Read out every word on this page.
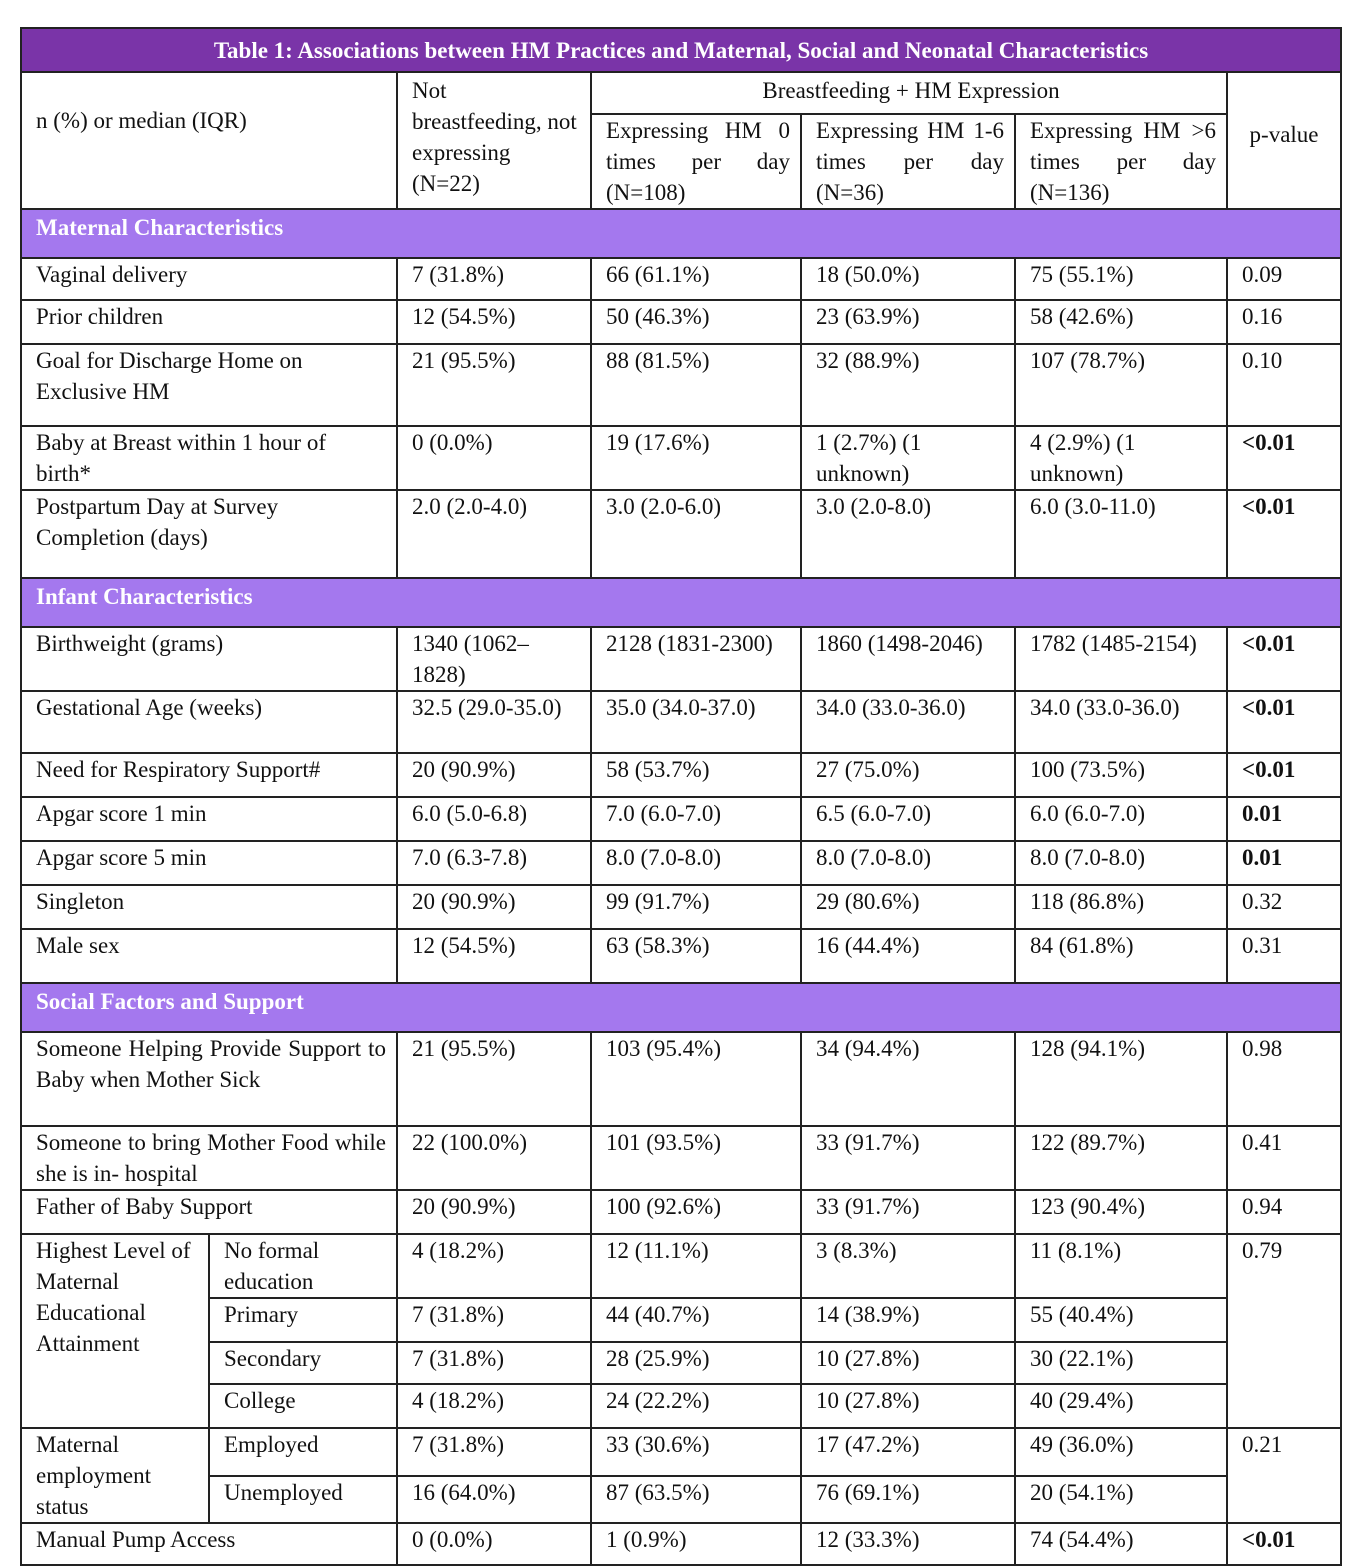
Table 1: Associations between HM Practices and Maternal, Social and Neonatal Characteristics						
n (%) or median (IQR)		Not breastfeeding, not expressing (N=22)	Breastfeeding + HM Expression			p-value
			Expressing HM 0 times per day (N=108)	Expressing HM 1-6 times per day (N=36)	Expressing HM >6 times per day (N=136)	
Maternal Characteristics						
Vaginal delivery		7 (31.8%)	66 (61.1%)	18 (50.0%)	75 (55.1%)	0.09
Prior children		12 (54.5%)	50 (46.3%)	23 (63.9%)	58 (42.6%)	0.16
Goal for Discharge Home on Exclusive HM		21 (95.5%)	88 (81.5%)	32 (88.9%)	107 (78.7%)	0.10
Baby at Breast within 1 hour of birth*		0 (0.0%)	19 (17.6%)	1 (2.7%) (1 unknown)	4 (2.9%) (1 unknown)	<0.01
Postpartum Day at Survey Completion (days)		2.0 (2.0-4.0)	3.0 (2.0-6.0)	3.0 (2.0-8.0)	6.0 (3.0-11.0)	<0.01
Infant Characteristics						
Birthweight (grams)		1340 (1062–1828)	2128 (1831-2300)	1860 (1498-2046)	1782 (1485-2154)	<0.01
Gestational Age (weeks)		32.5 (29.0-35.0)	35.0 (34.0-37.0)	34.0 (33.0-36.0)	34.0 (33.0-36.0)	<0.01
Need for Respiratory Support#		20 (90.9%)	58 (53.7%)	27 (75.0%)	100 (73.5%)	<0.01
Apgar score 1 min		6.0 (5.0-6.8)	7.0 (6.0-7.0)	6.5 (6.0-7.0)	6.0 (6.0-7.0)	0.01
Apgar score 5 min		7.0 (6.3-7.8)	8.0 (7.0-8.0)	8.0 (7.0-8.0)	8.0 (7.0-8.0)	0.01
Singleton		20 (90.9%)	99 (91.7%)	29 (80.6%)	118 (86.8%)	0.32
Male sex		12 (54.5%)	63 (58.3%)	16 (44.4%)	84 (61.8%)	0.31
Social Factors and Support						
Someone Helping Provide Support to Baby when Mother Sick		21 (95.5%)	103 (95.4%)	34 (94.4%)	128 (94.1%)	0.98
Someone to bring Mother Food while she is in- hospital		22 (100.0%)	101 (93.5%)	33 (91.7%)	122 (89.7%)	0.41
Father of Baby Support		20 (90.9%)	100 (92.6%)	33 (91.7%)	123 (90.4%)	0.94
Highest Level of Maternal Educational Attainment	No formal education	4 (18.2%)	12 (11.1%)	3 (8.3%)	11 (8.1%)	0.79
	Primary	7 (31.8%)	44 (40.7%)	14 (38.9%)	55 (40.4%)	
	Secondary	7 (31.8%)	28 (25.9%)	10 (27.8%)	30 (22.1%)	
	College	4 (18.2%)	24 (22.2%)	10 (27.8%)	40 (29.4%)	
Maternal employment status	Employed	7 (31.8%)	33 (30.6%)	17 (47.2%)	49 (36.0%)	0.21
	Unemployed	16 (64.0%)	87 (63.5%)	76 (69.1%)	20 (54.1%)	
Manual Pump Access		0 (0.0%)	1 (0.9%)	12 (33.3%)	74 (54.4%)	<0.01
